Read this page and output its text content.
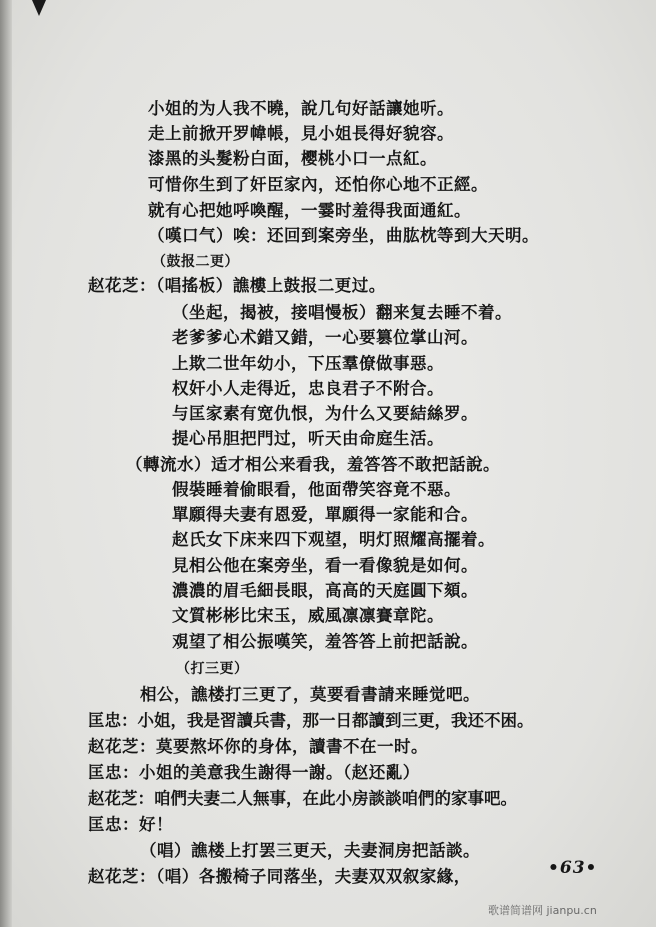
小姐的为人我不曉，說几句好話讓她听。
走上前掀开罗幃帳，見小姐長得好貌容。
漆黑的头髮粉白面，樱桃小口一点紅。
可惜你生到了奸臣家內，还怕你心地不正經。
就有心把她呼喚醒，一霎时羞得我面通紅。
（嘆口气）唉：还回到案旁坐，曲肱枕等到大天明。
（鼓报二更）
赵花芝：（唱搖板）譙樓上鼓报二更过。
（坐起，揭被，接唱慢板）翻来复去睡不着。
老爹爹心术錯又錯，一心要篡位掌山河。
上欺二世年幼小，下压羣僚做事惡。
权奸小人走得近，忠良君子不附合。
与匡家素有宽仇恨，为什么又要結絲罗。
提心吊胆把門过，听天由命庭生活。
（轉流水）适才相公来看我，羞答答不敢把話說。
假裝睡着偷眼看，他面帶笑容竟不惡。
單願得夫妻有恩爱，單願得一家能和合。
赵氏女下床来四下观望，明灯照耀高擺着。
見相公他在案旁坐，看一看像貌是如何。
濃濃的眉毛細長眼，高高的天庭圓下頦。
文質彬彬比宋玉，威風凛凛賽章陀。
覌望了相公振嘆笑，羞答答上前把話說。
（打三更）
相公，譙楼打三更了，莫要看書請来睡觉吧。
匡忠：小姐，我是習讀兵書，那一日都讀到三更，我还不困。
赵花芝：莫要熬坏你的身体，讀書不在一时。
匡忠：小姐的美意我生謝得一謝。（赵还亂）
赵花芝：咱們夫妻二人無事，在此小房談談咱們的家事吧。
匡忠：好！
（唱）譙楼上打罢三更天，夫妻洞房把話談。
赵花芝：（唱）各搬椅子同落坐，夫妻双双叙家緣，	•63•
歌谱简谱网 jianpu.cn
